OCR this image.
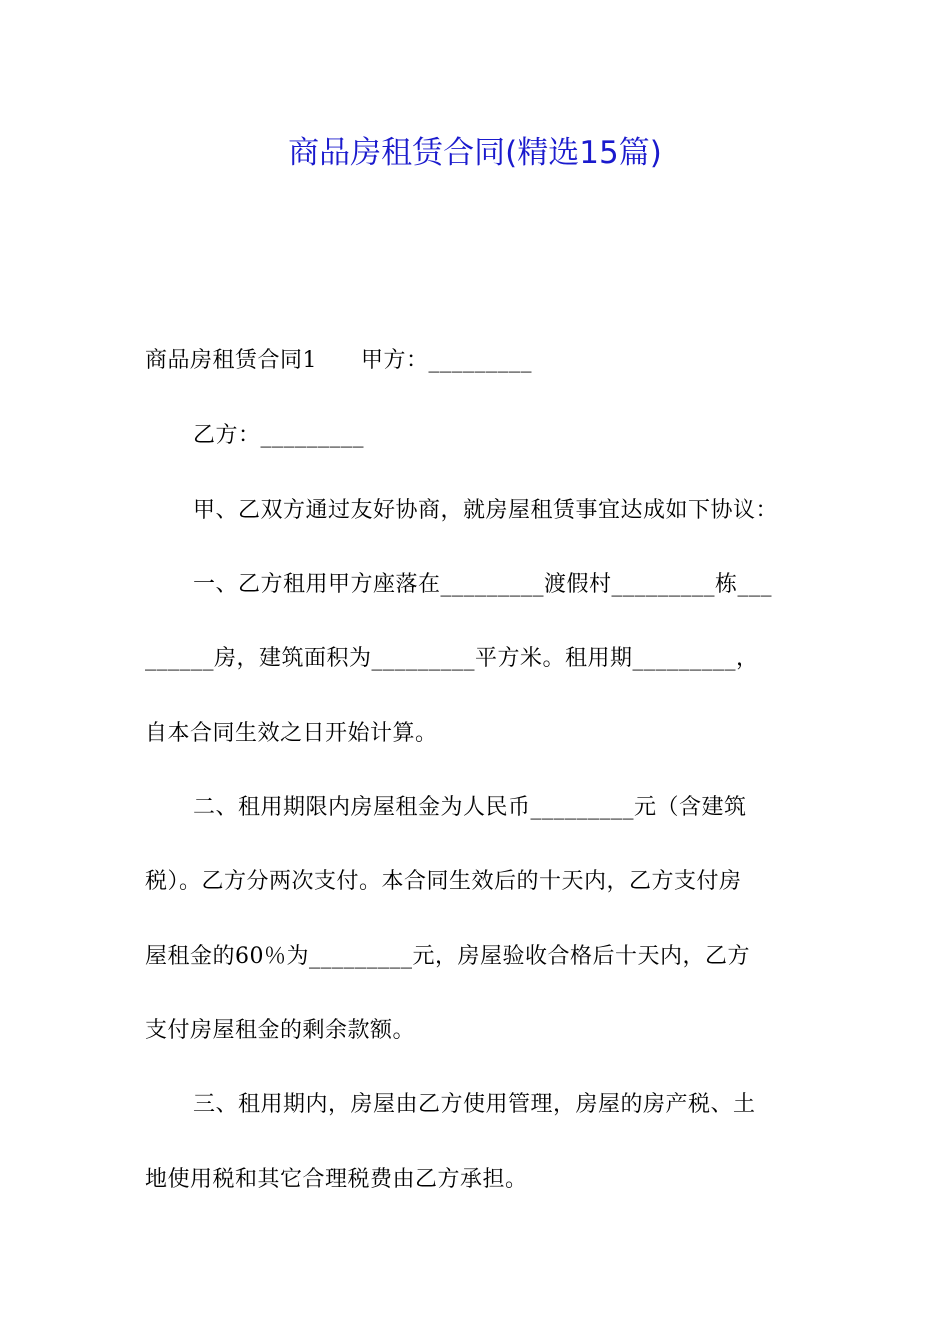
商品房租赁合同(精选15篇)
商品房租赁合同1 甲方：_________
乙方：_________
甲、乙双方通过友好协商，就房屋租赁事宜达成如下协议：
一、乙方租用甲方座落在_________渡假村_________栋___
______房，建筑面积为_________平方米。租用期_________，
自本合同生效之日开始计算。
二、租用期限内房屋租金为人民币_________元（含建筑
税）。乙方分两次支付。本合同生效后的十天内，乙方支付房
屋租金的60％为_________元，房屋验收合格后十天内，乙方
支付房屋租金的剩余款额。
三、租用期内，房屋由乙方使用管理，房屋的房产税、土
地使用税和其它合理税费由乙方承担。
